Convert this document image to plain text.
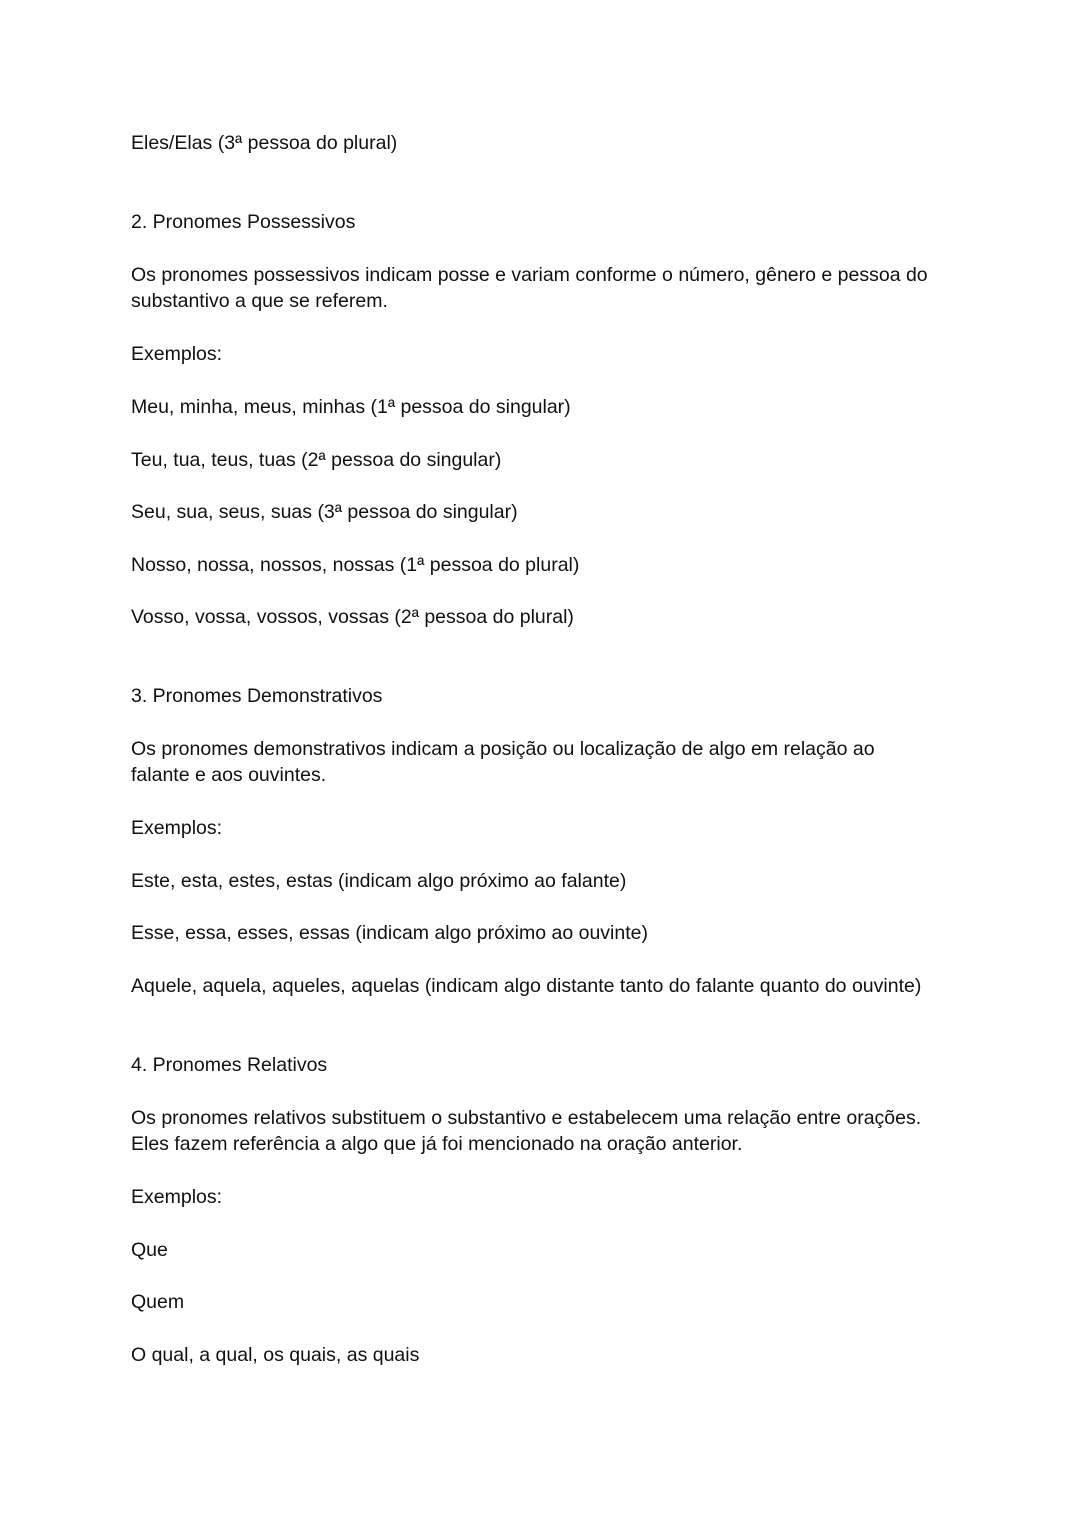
Eles/Elas (3ª pessoa do plural)

2. Pronomes Possessivos

Os pronomes possessivos indicam posse e variam conforme o número, gênero e pessoa do
substantivo a que se referem.

Exemplos:

Meu, minha, meus, minhas (1ª pessoa do singular)

Teu, tua, teus, tuas (2ª pessoa do singular)

Seu, sua, seus, suas (3ª pessoa do singular)

Nosso, nossa, nossos, nossas (1ª pessoa do plural)

Vosso, vossa, vossos, vossas (2ª pessoa do plural)

3. Pronomes Demonstrativos

Os pronomes demonstrativos indicam a posição ou localização de algo em relação ao
falante e aos ouvintes.

Exemplos:

Este, esta, estes, estas (indicam algo próximo ao falante)

Esse, essa, esses, essas (indicam algo próximo ao ouvinte)

Aquele, aquela, aqueles, aquelas (indicam algo distante tanto do falante quanto do ouvinte)

4. Pronomes Relativos

Os pronomes relativos substituem o substantivo e estabelecem uma relação entre orações.
Eles fazem referência a algo que já foi mencionado na oração anterior.

Exemplos:

Que

Quem

O qual, a qual, os quais, as quais
